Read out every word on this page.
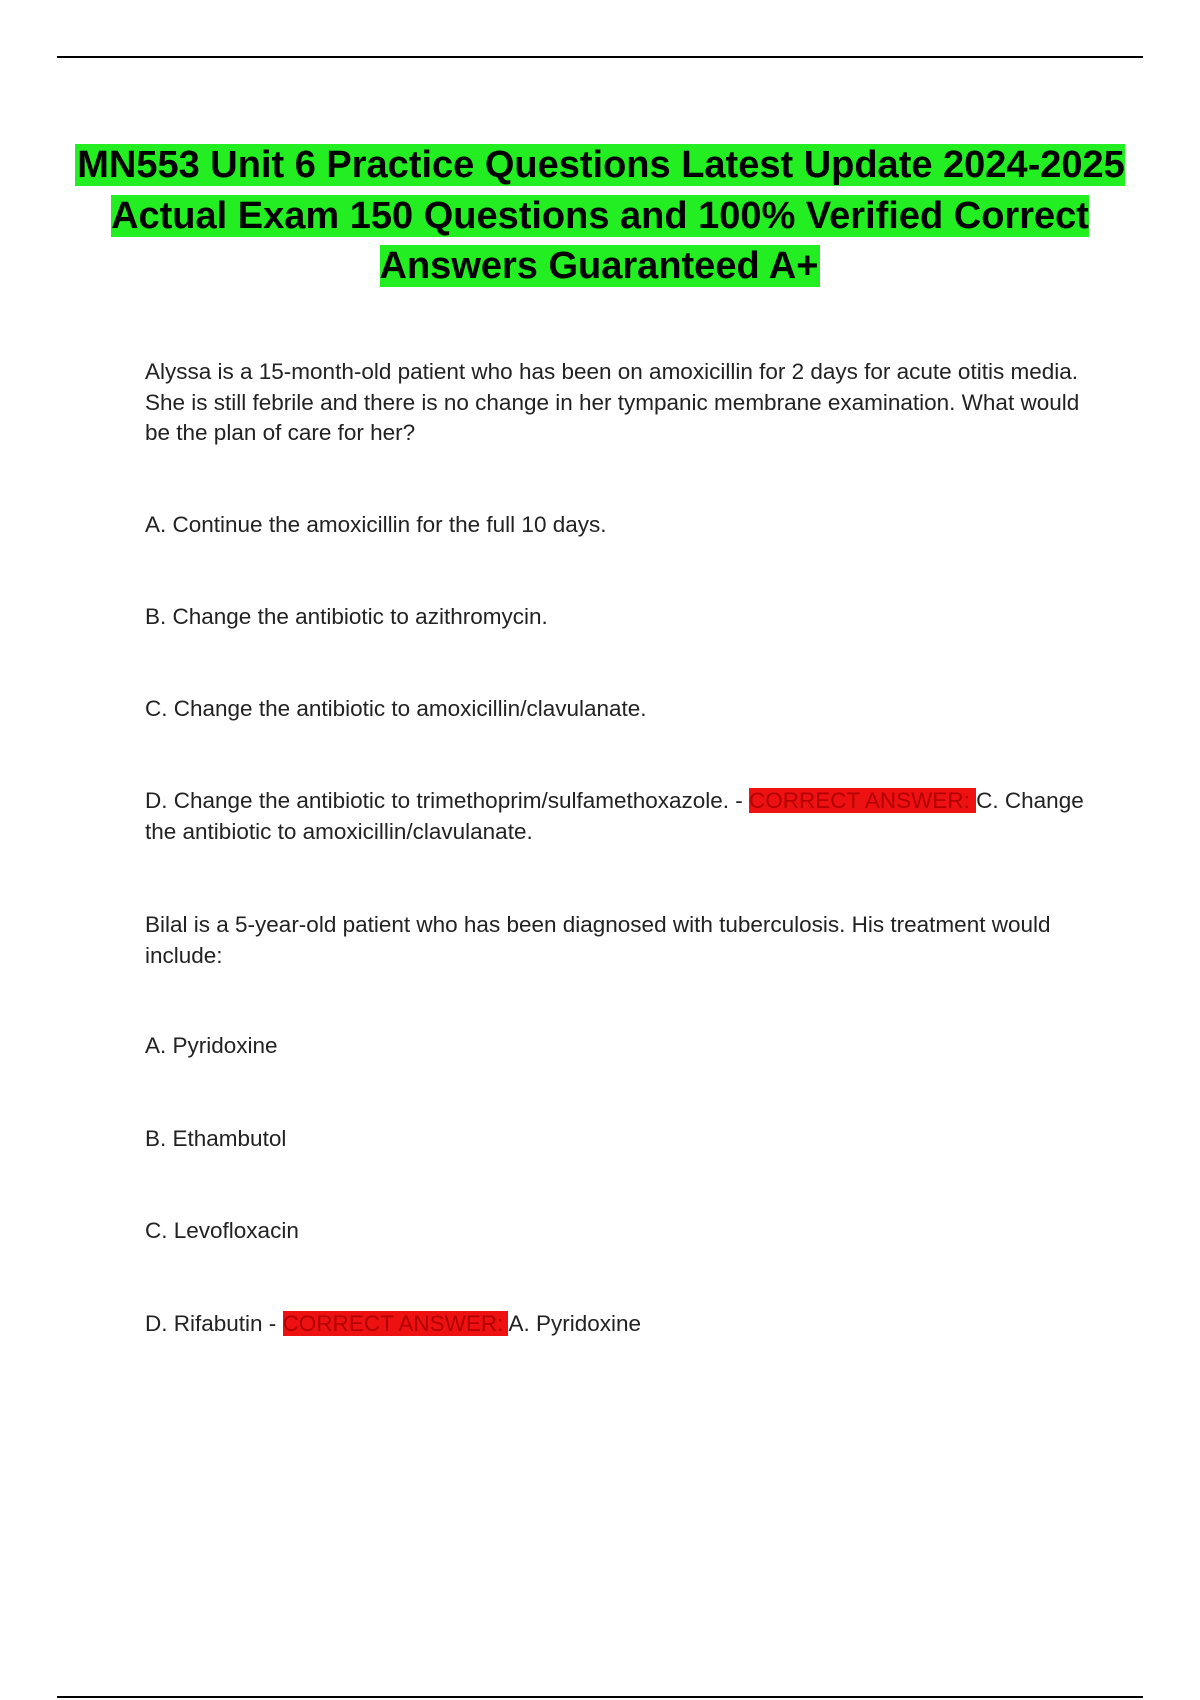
MN553 Unit 6 Practice Questions Latest Update 2024-2025 Actual Exam 150 Questions and 100% Verified Correct Answers Guaranteed A+

Alyssa is a 15-month-old patient who has been on amoxicillin for 2 days for acute otitis media. She is still febrile and there is no change in her tympanic membrane examination. What would be the plan of care for her?

A. Continue the amoxicillin for the full 10 days.

B. Change the antibiotic to azithromycin.

C. Change the antibiotic to amoxicillin/clavulanate.

D. Change the antibiotic to trimethoprim/sulfamethoxazole. - CORRECT ANSWER: C. Change the antibiotic to amoxicillin/clavulanate.

Bilal is a 5-year-old patient who has been diagnosed with tuberculosis. His treatment would include:

A. Pyridoxine

B. Ethambutol

C. Levofloxacin

D. Rifabutin - CORRECT ANSWER: A. Pyridoxine
